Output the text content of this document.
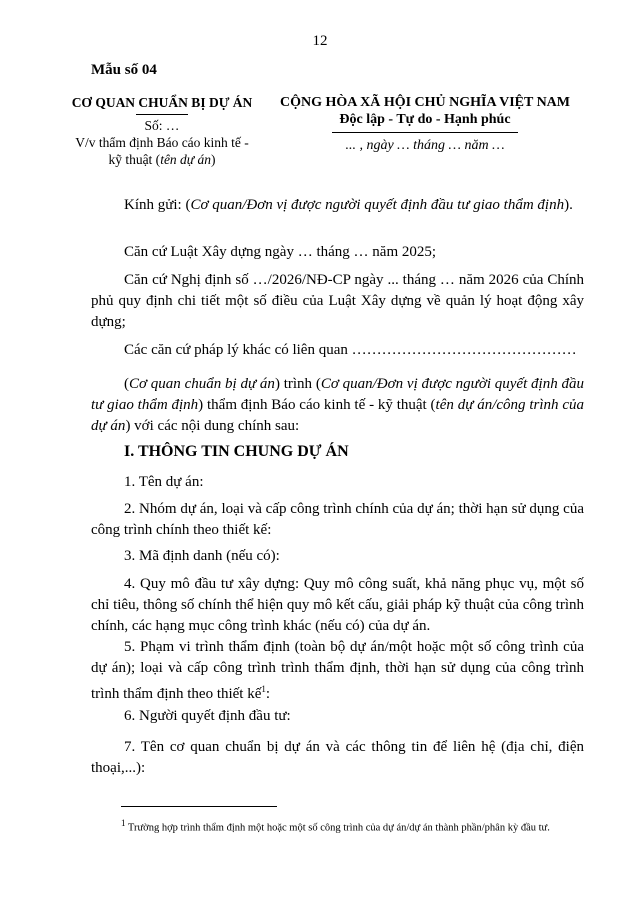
12
Mẫu số 04
CƠ QUAN CHUẨN BỊ DỰ ÁN
Số: …
V/v thẩm định Báo cáo kinh tế -
kỹ thuật (tên dự án)
CỘNG HÒA XÃ HỘI CHỦ NGHĨA VIỆT NAM
Độc lập - Tự do - Hạnh phúc
... , ngày … tháng … năm …
Kính gửi: (Cơ quan/Đơn vị được người quyết định đầu tư giao thẩm định).
Căn cứ Luật Xây dựng ngày … tháng … năm 2025;
Căn cứ Nghị định số …/2026/NĐ-CP ngày ... tháng … năm 2026 của Chính phủ quy định chi tiết một số điều của Luật Xây dựng về quản lý hoạt động xây dựng;
Các căn cứ pháp lý khác có liên quan ………………………………………
(Cơ quan chuẩn bị dự án) trình (Cơ quan/Đơn vị được người quyết định đầu tư giao thẩm định) thẩm định Báo cáo kinh tế - kỹ thuật (tên dự án/công trình của dự án) với các nội dung chính sau:
I. THÔNG TIN CHUNG DỰ ÁN
1. Tên dự án:
2. Nhóm dự án, loại và cấp công trình chính của dự án; thời hạn sử dụng của công trình chính theo thiết kế:
3. Mã định danh (nếu có):
4. Quy mô đầu tư xây dựng: Quy mô công suất, khả năng phục vụ, một số chỉ tiêu, thông số chính thể hiện quy mô kết cấu, giải pháp kỹ thuật của công trình chính, các hạng mục công trình khác (nếu có) của dự án.
5. Phạm vi trình thẩm định (toàn bộ dự án/một hoặc một số công trình của dự án); loại và cấp công trình trình thẩm định, thời hạn sử dụng của công trình trình thẩm định theo thiết kế$^1$:
6. Người quyết định đầu tư:
7. Tên cơ quan chuẩn bị dự án và các thông tin để liên hệ (địa chỉ, điện thoại,...):
$^1$ Trường hợp trình thẩm định một hoặc một số công trình của dự án/dự án thành phần/phân kỳ đầu tư.
